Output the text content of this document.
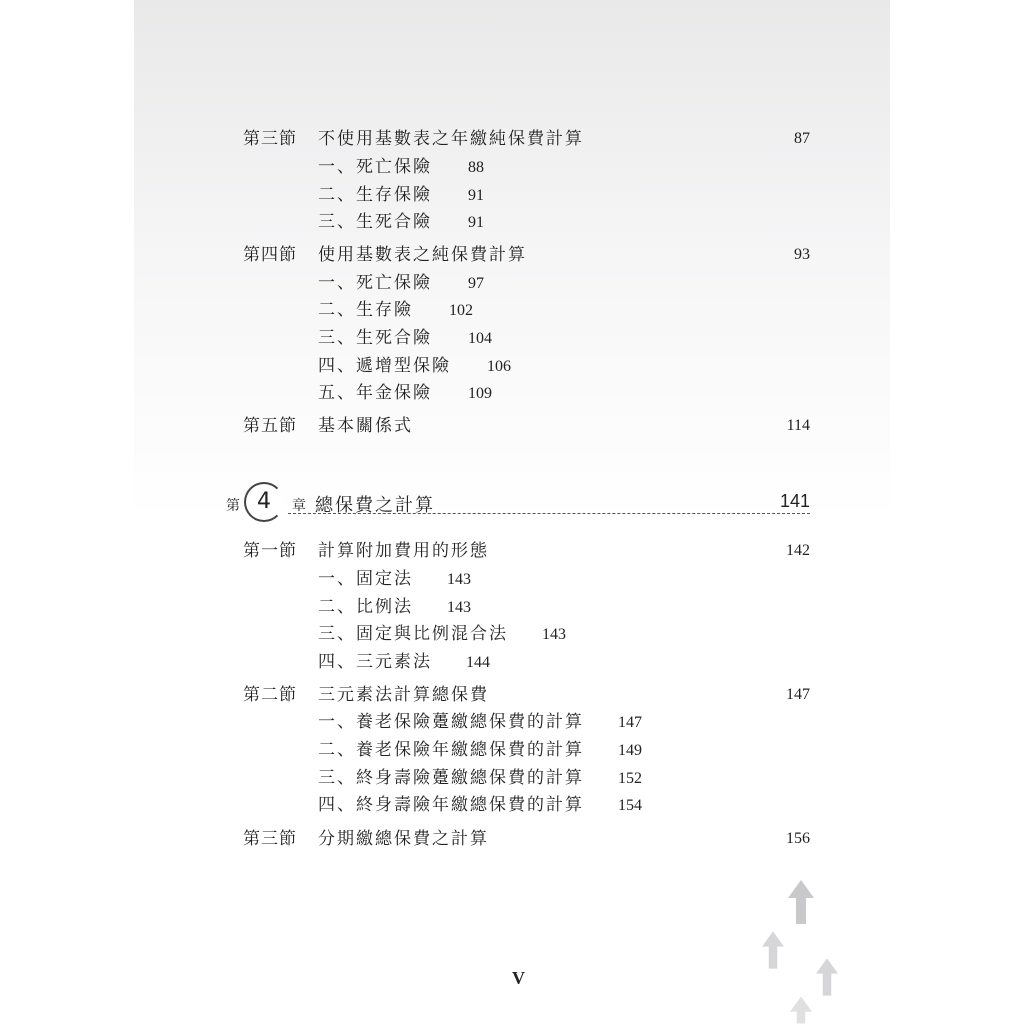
第三節 不使用基數表之年繳純保費計算	87
一、死亡保險 88
二、生存保險 91
三、生死合險 91
第四節 使用基數表之純保費計算	93
一、死亡保險 97
二、生存險 102
三、生死合險 104
四、遞增型保險 106
五、年金保險 109
第五節 基本關係式	114
第 4	章 總保費之計算	141
第一節 計算附加費用的形態	142
一、固定法 143
二、比例法 143
三、固定與比例混合法 143
四、三元素法 144
第二節 三元素法計算總保費	147
一、養老保險躉繳總保費的計算 147
二、養老保險年繳總保費的計算 149
三、終身壽險躉繳總保費的計算 152
四、終身壽險年繳總保費的計算 154
第三節 分期繳總保費之計算	156
V
